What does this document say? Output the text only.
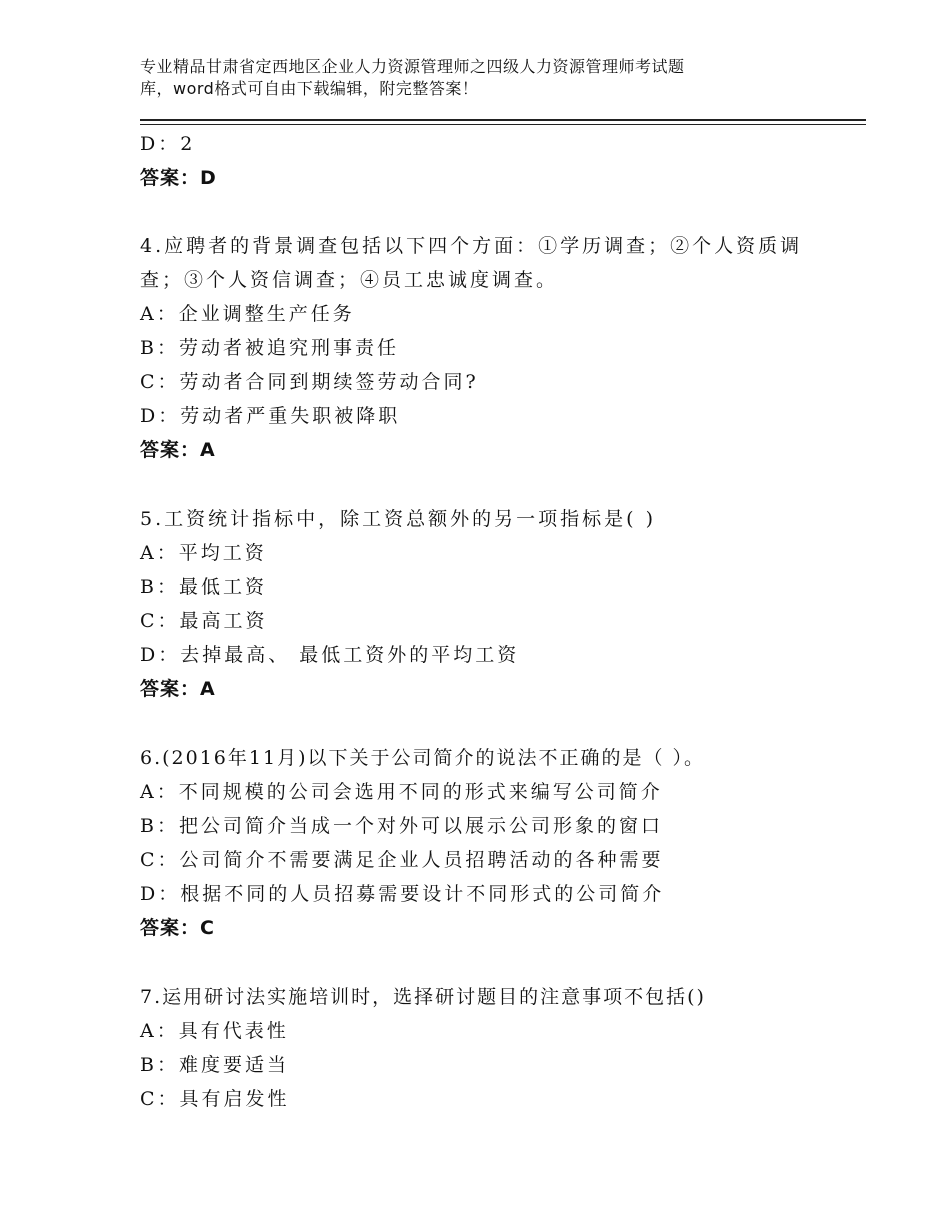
专业精品甘肃省定西地区企业人力资源管理师之四级人力资源管理师考试题
库，word格式可自由下载编辑，附完整答案！
D：2
答案：D
4.应聘者的背景调查包括以下四个方面：①学历调查；②个人资质调
查；③个人资信调查；④员工忠诚度调查。
A：企业调整生产任务
B：劳动者被追究刑事责任
C：劳动者合同到期续签劳动合同?
D：劳动者严重失职被降职
答案：A
5.工资统计指标中，除工资总额外的另一项指标是( )
A：平均工资
B：最低工资
C：最高工资
D：去掉最高、 最低工资外的平均工资
答案：A
6.(2016年11月)以下关于公司简介的说法不正确的是（ ）。
A：不同规模的公司会选用不同的形式来编写公司简介
B：把公司简介当成一个对外可以展示公司形象的窗口
C：公司简介不需要满足企业人员招聘活动的各种需要
D：根据不同的人员招募需要设计不同形式的公司简介
答案：C
7.运用研讨法实施培训时，选择研讨题目的注意事项不包括()
A：具有代表性
B：难度要适当
C：具有启发性
